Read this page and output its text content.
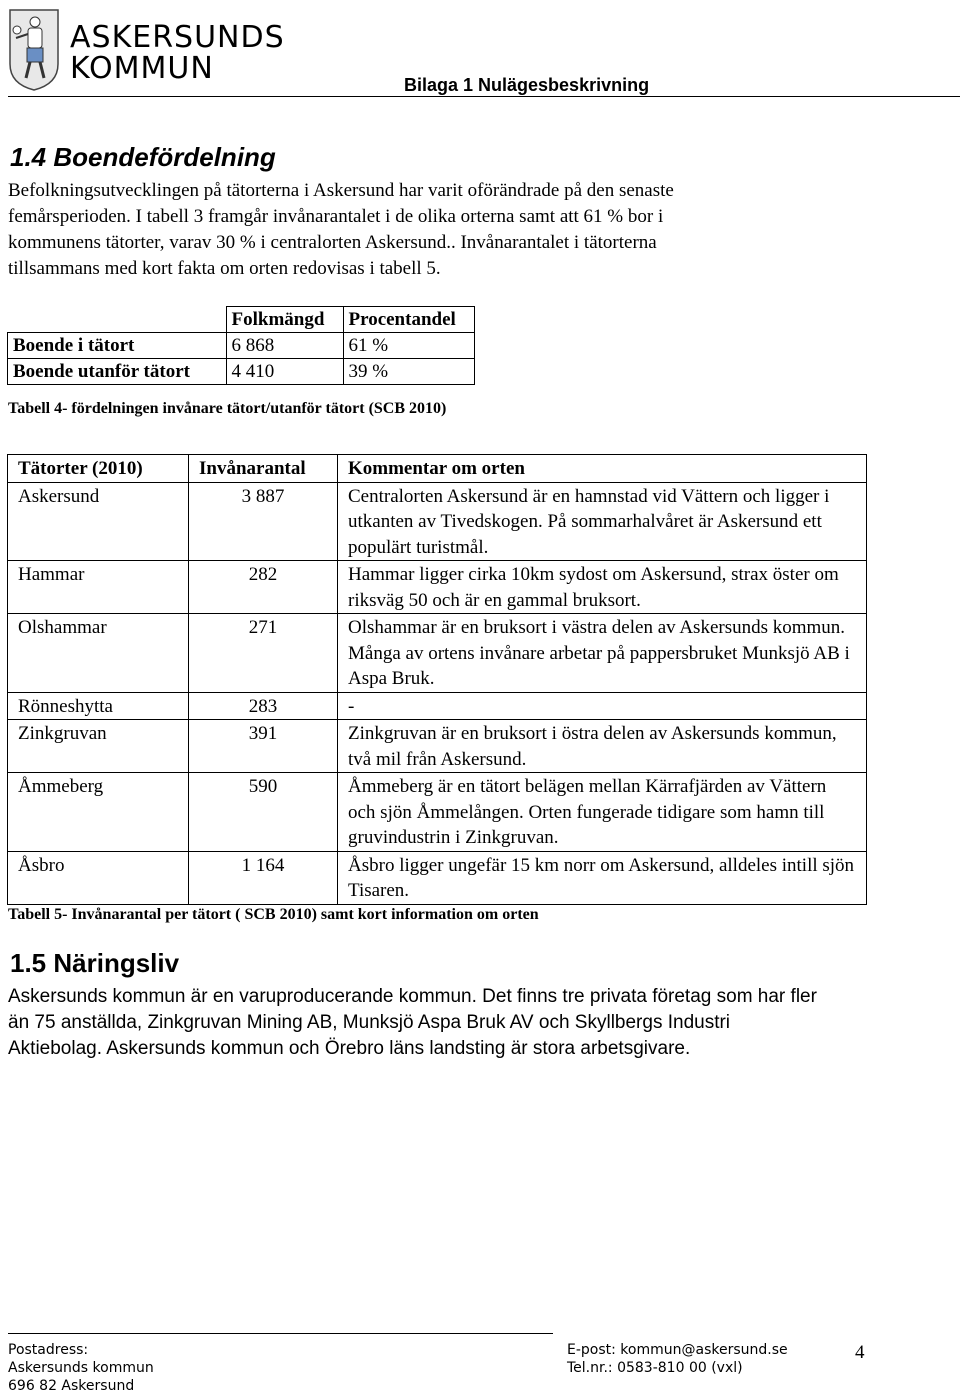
ASKERSUNDS
KOMMUN	Bilaga 1 Nulägesbeskrivning
1.4 Boendefördelning
Befolkningsutvecklingen på tätorterna i Askersund har varit oförändrade på den senaste
femårsperioden. I tabell 3 framgår invånarantalet i de olika orterna samt att 61 % bor i
kommunens tätorter, varav 30 % i centralorten Askersund.. Invånarantalet i tätorterna
tillsammans med kort fakta om orten redovisas i tabell 5.
	Folkmängd	Procentandel
Boende i tätort	6 868	61 %
Boende utanför tätort	4 410	39 %
Tabell 4- fördelningen invånare tätort/utanför tätort (SCB 2010)
Tätorter (2010)	Invånarantal	Kommentar om orten
Askersund	3 887	Centralorten Askersund är en hamnstad vid Vättern och ligger i utkanten av Tivedskogen. På sommarhalvåret är Askersund ett populärt turistmål.
Hammar	282	Hammar ligger cirka 10km sydost om Askersund, strax öster om riksväg 50 och är en gammal bruksort.
Olshammar	271	Olshammar är en bruksort i västra delen av Askersunds kommun. Många av ortens invånare arbetar på pappersbruket Munksjö AB i Aspa Bruk.
Rönneshytta	283	-
Zinkgruvan	391	Zinkgruvan är en bruksort i östra delen av Askersunds kommun, två mil från Askersund.
Åmmeberg	590	Åmmeberg är en tätort belägen mellan Kärrafjärden av Vättern och sjön Åmmelången. Orten fungerade tidigare som hamn till gruvindustrin i Zinkgruvan.
Åsbro	1 164	Åsbro ligger ungefär 15 km norr om Askersund, alldeles intill sjön Tisaren.
Tabell 5- Invånarantal per tätort ( SCB 2010) samt kort information om orten
1.5 Näringsliv
Askersunds kommun är en varuproducerande kommun. Det finns tre privata företag som har fler
än 75 anställda, Zinkgruvan Mining AB, Munksjö Aspa Bruk AV och Skyllbergs Industri
Aktiebolag. Askersunds kommun och Örebro läns landsting är stora arbetsgivare.
Postadress:
Askersunds kommun
696 82 Askersund
E-post: kommun@askersund.se
Tel.nr.: 0583-810 00 (vxl)
4
